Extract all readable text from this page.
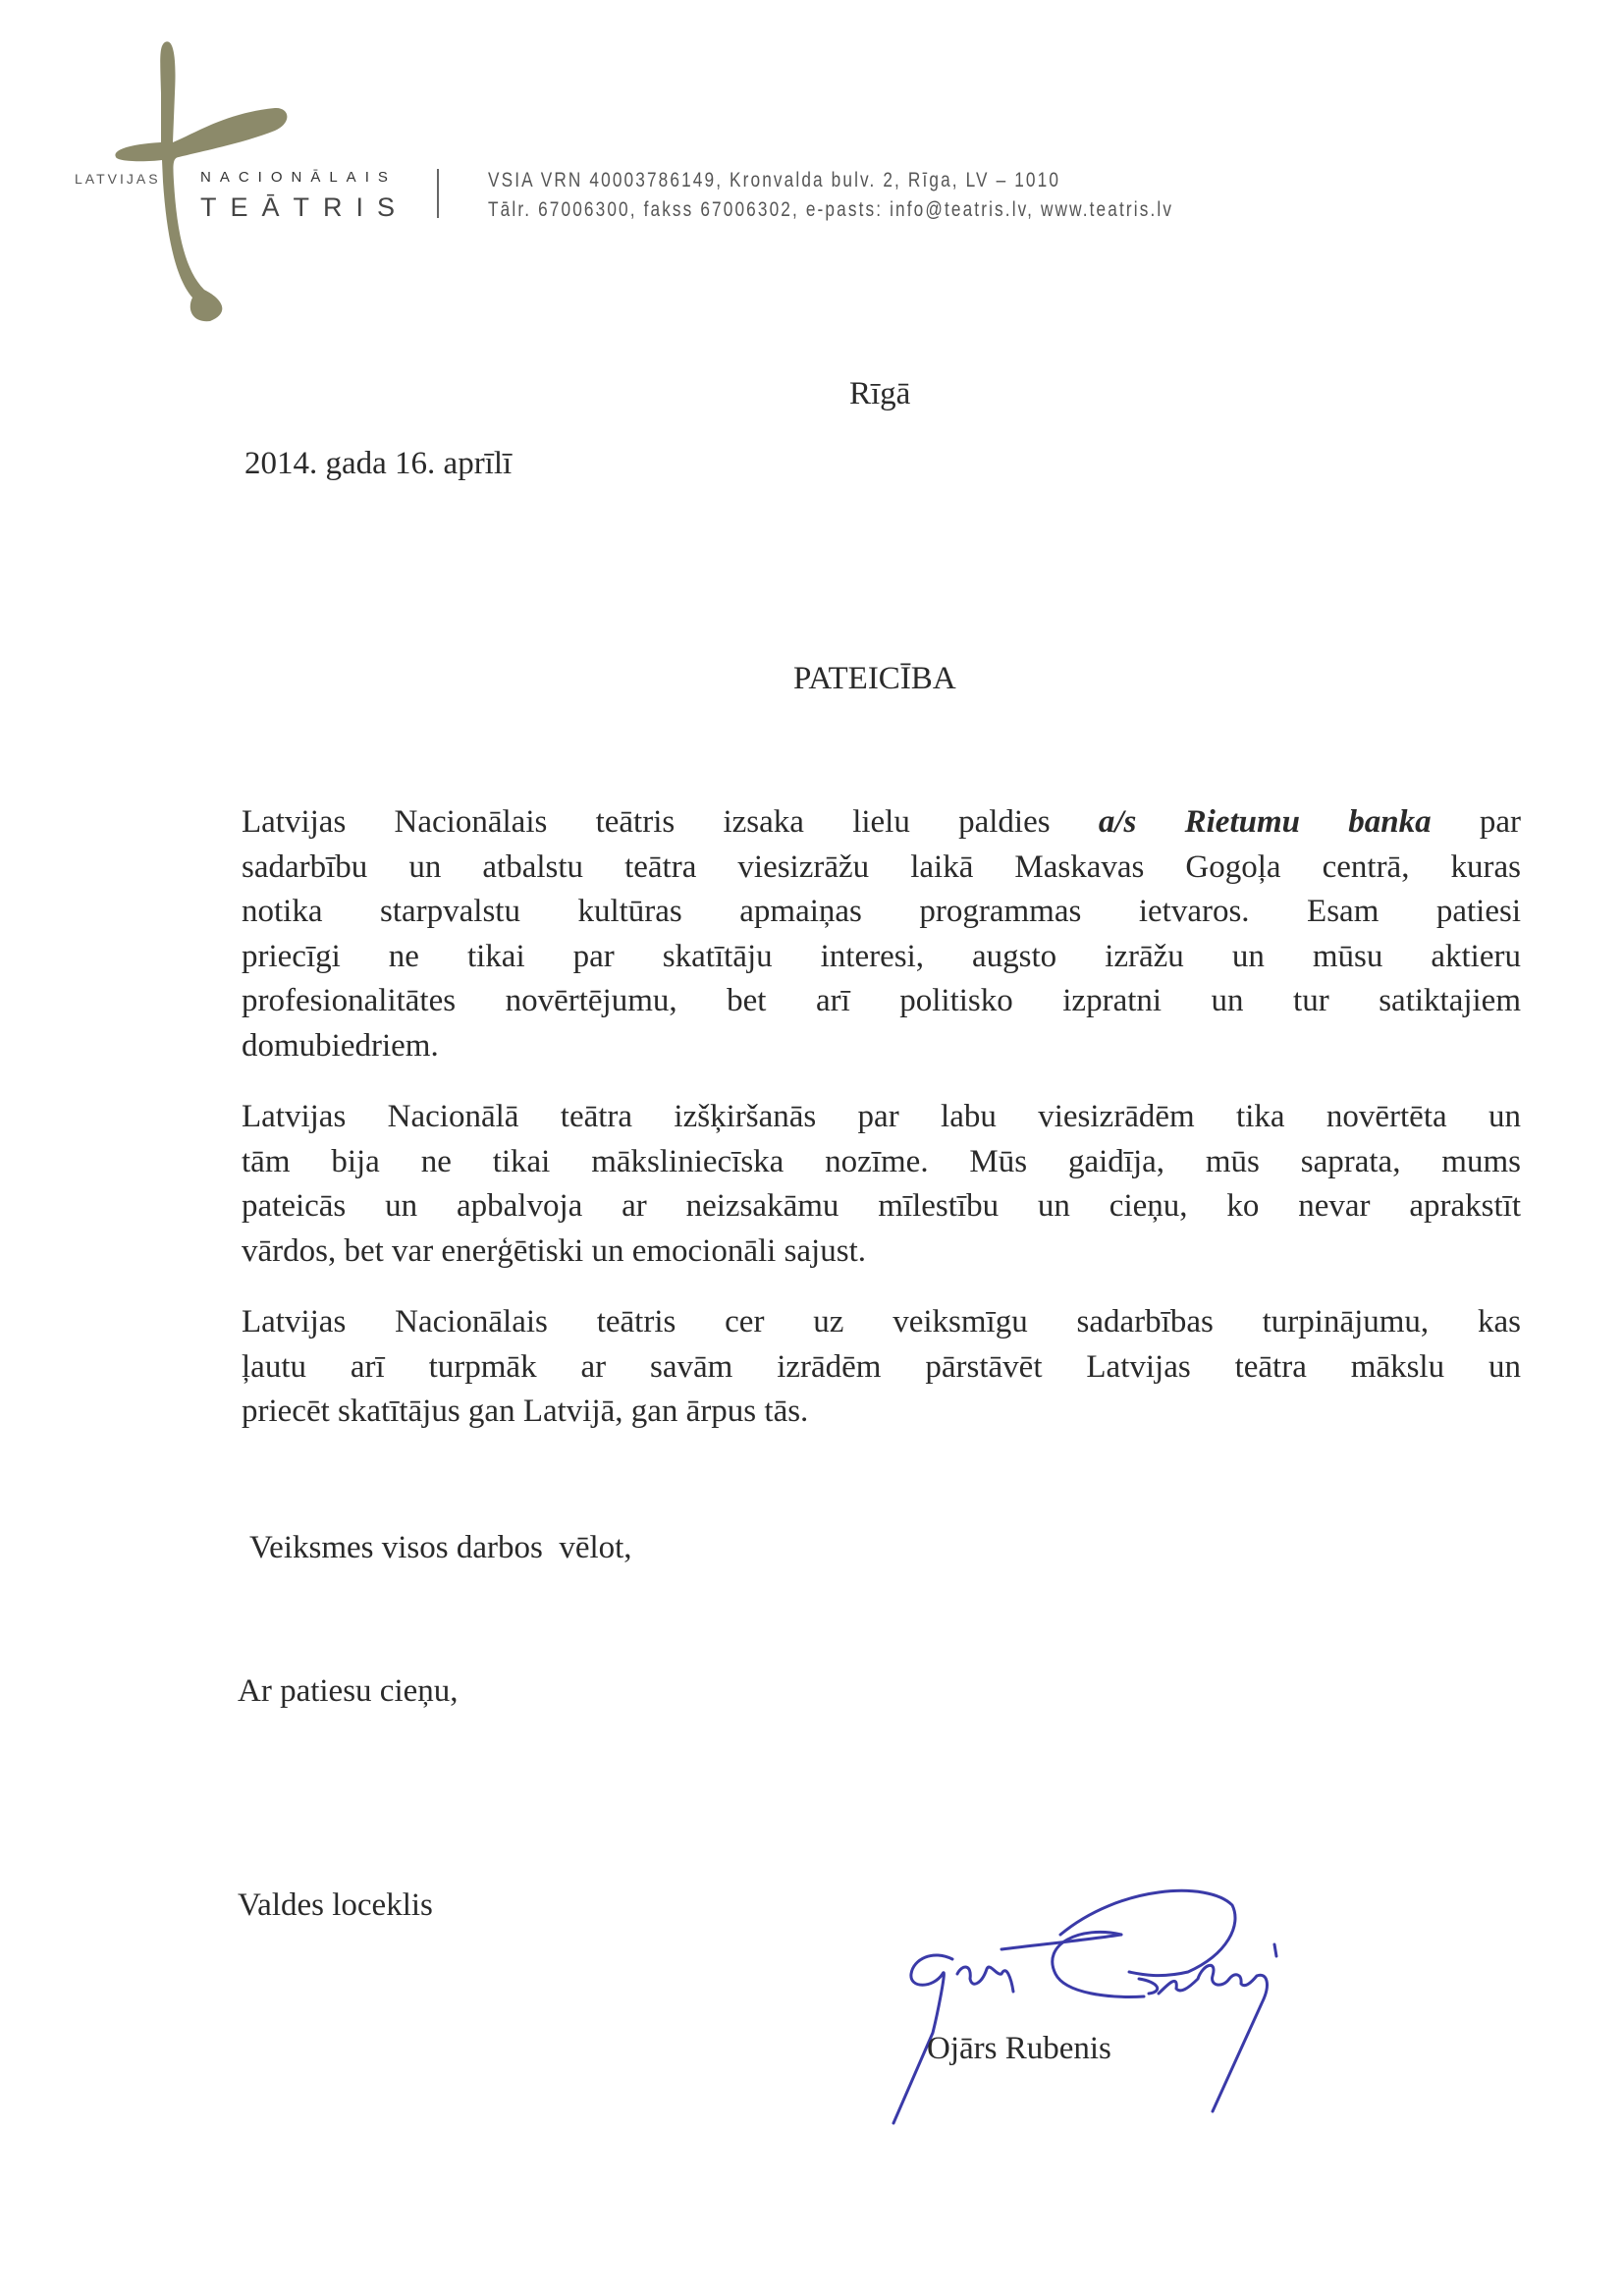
LATVIJAS	NACIONĀLAIS
TEĀTRIS
VSIA VRN 40003786149, Kronvalda bulv. 2, Rīga, LV – 1010
Tālr. 67006300, fakss 67006302, e-pasts: info@teatris.lv, www.teatris.lv
Rīgā
2014. gada 16. aprīlī
PATEICĪBA
Latvijas Nacionālais teātris izsaka lielu paldies a/s Rietumu banka par
sadarbību un atbalstu teātra viesizrāžu laikā Maskavas Gogoļa centrā, kuras
notika starpvalstu kultūras apmaiņas programmas ietvaros. Esam patiesi
priecīgi ne tikai par skatītāju interesi, augsto izrāžu un mūsu aktieru
profesionalitātes novērtējumu, bet arī politisko izpratni un tur satiktajiem
domubiedriem.
Latvijas Nacionālā teātra izšķiršanās par labu viesizrādēm tika novērtēta un
tām bija ne tikai māksliniecīska nozīme. Mūs gaidīja, mūs saprata, mums
pateicās un apbalvoja ar neizsakāmu mīlestību un cieņu, ko nevar aprakstīt
vārdos, bet var enerģētiski un emocionāli sajust.
Latvijas Nacionālais teātris cer uz veiksmīgu sadarbības turpinājumu, kas
ļautu arī turpmāk ar savām izrādēm pārstāvēt Latvijas teātra mākslu un
priecēt skatītājus gan Latvijā, gan ārpus tās.
Veiksmes visos darbos  vēlot,
Ar patiesu cieņu,
Valdes loceklis
Ojārs Rubenis
